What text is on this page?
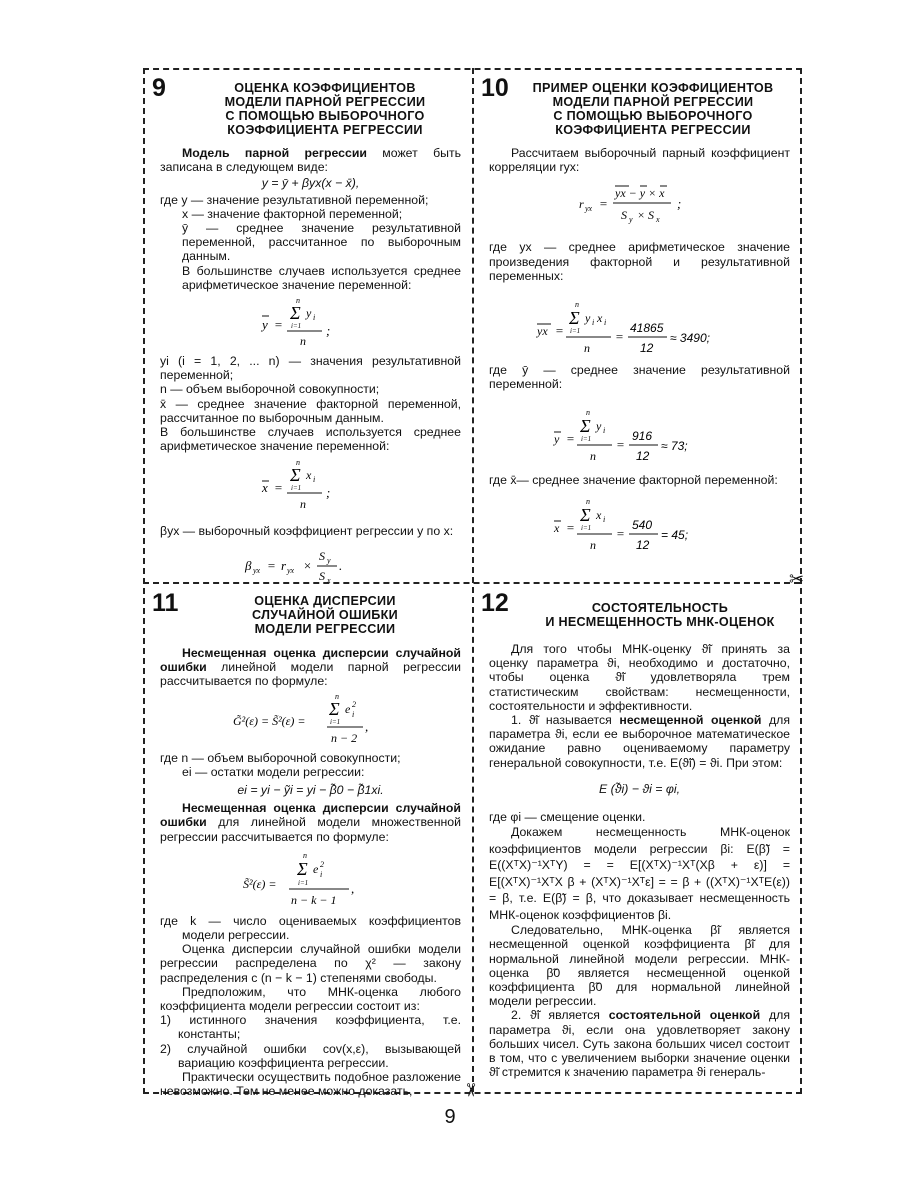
✂
✂
9	ОЦЕНКА КОЭФФИЦИЕНТОВ
МОДЕЛИ ПАРНОЙ РЕГРЕССИИ
С ПОМОЩЬЮ ВЫБОРОЧНОГО
КОЭФФИЦИЕНТА РЕГРЕССИИ

Модель парной регрессии может быть записана в следующем виде:

y = ȳ + βyx(x − x̄),

где y — значение результативной переменной;

x — значение факторной переменной;

ȳ — среднее значение результативной переменной, рассчитанное по выборочным данным.

В большинстве случаев используется среднее арифметическое значение переменной:

y =
n
Σ y i
i=1
n
;

yi (i = 1, 2, ... n) — значения результативной переменной;

n — объем выборочной совокупности;

x̄ — среднее значение факторной переменной, рассчитанное по выборочным данным.

В большинстве случаев используется среднее арифметическое значение переменной:

x =
n
Σ x i
i=1
n
;

βyx — выборочный коэффициент регрессии y по x:

β yx = r yx ×
S y
S x
.
10	ПРИМЕР ОЦЕНКИ КОЭФФИЦИЕНТОВ
МОДЕЛИ ПАРНОЙ РЕГРЕССИИ
С ПОМОЩЬЮ ВЫБОРОЧНОГО
КОЭФФИЦИЕНТА РЕГРЕССИИ

Рассчитаем выборочный парный коэффициент корреляции ryx:

r yx =
yx − y × x
S y × S x
;

где yx — среднее арифметическое значение произведения факторной и результативной переменных:

yx =
n
Σ y i x i
i=1
n
=
41865
12
≈ 3490;

где ȳ — среднее значение результативной переменной:

y =
n
Σ y i
i=1
n
=
916
12
≈ 73;

где x̄— среднее значение факторной переменной:

x =
n
Σ x i
i=1
n
=
540
12
= 45;
11	ОЦЕНКА ДИСПЕРСИИ
СЛУЧАЙНОЙ ОШИБКИ
МОДЕЛИ РЕГРЕССИИ

Несмещенная оценка дисперсии случайной ошибки линейной модели парной регрессии рассчитывается по формуле:

G̃²(ε) = S̃²(ε) =
n
Σ e 2
i
i=1
n − 2
,

где n — объем выборочной совокупности;

ei — остатки модели регрессии:

ei = yi − ỹi = yi − β̃0 − β̃1xi.

Несмещенная оценка дисперсии случайной ошибки для линейной модели множественной регрессии рассчитывается по формуле:

S̃²(ε) =
n
Σ e 2
i
i=1
n − k − 1
,

где k — число оцениваемых коэффициентов модели регрессии.

Оценка дисперсии случайной ошибки модели регрессии распределена по χ² — закону распределения с (n − k − 1) степенями свободы.

Предположим, что МНК-оценка любого коэффициента модели регрессии состоит из:

1) истинного значения коэффициента, т.е. константы;

2) случайной ошибки cov(x,ε), вызывающей вариацию коэффициента регрессии.

Практически осуществить подобное разложение невозможно. Тем не менее можно доказать,

12	СОСТОЯТЕЛЬНОСТЬ
И НЕСМЕЩЕННОСТЬ МНК-ОЦЕНОК

Для того чтобы МНК-оценку ϑ̃i принять за оценку параметра ϑi, необходимо и достаточно, чтобы оценка ϑ̃i удовлетворяла трем статистическим свойствам: несмещенности, состоятельности и эффективности.

1. ϑ̃i называется несмещенной оценкой для параметра ϑi, если ее выборочное математическое ожидание равно оцениваемому параметру генеральной совокупности, т.е. E(ϑ̃i) = ϑi. При этом:

E (ϑ̃i) − ϑi = φi,

где φi — смещение оценки.

Докажем несмещенность МНК-оценок коэффициентов модели регрессии βi: E(β̃) = E((XᵀX)⁻¹XᵀY) = = E[(XᵀX)⁻¹Xᵀ(Xβ + ε)] = E[(XᵀX)⁻¹XᵀX β + (XᵀX)⁻¹Xᵀε] = = β + ((XᵀX)⁻¹XᵀE(ε)) = β, т.е. E(β̃) = β, что доказывает несмещенность МНК-оценок коэффициентов βi.

Следовательно, МНК-оценка β̃i является несмещенной оценкой коэффициента β̃i для нормальной линейной модели регрессии. МНК-оценка β̃0 является несмещенной оценкой коэффициента β̃0 для нормальной линейной модели регрессии.

2. ϑ̃i является состоятельной оценкой для параметра ϑi, если она удовлетворяет закону больших чисел. Суть закона больших чисел состоит в том, что с увеличением выборки значение оценки ϑ̃i стремится к значению параметра ϑi генераль-

9
